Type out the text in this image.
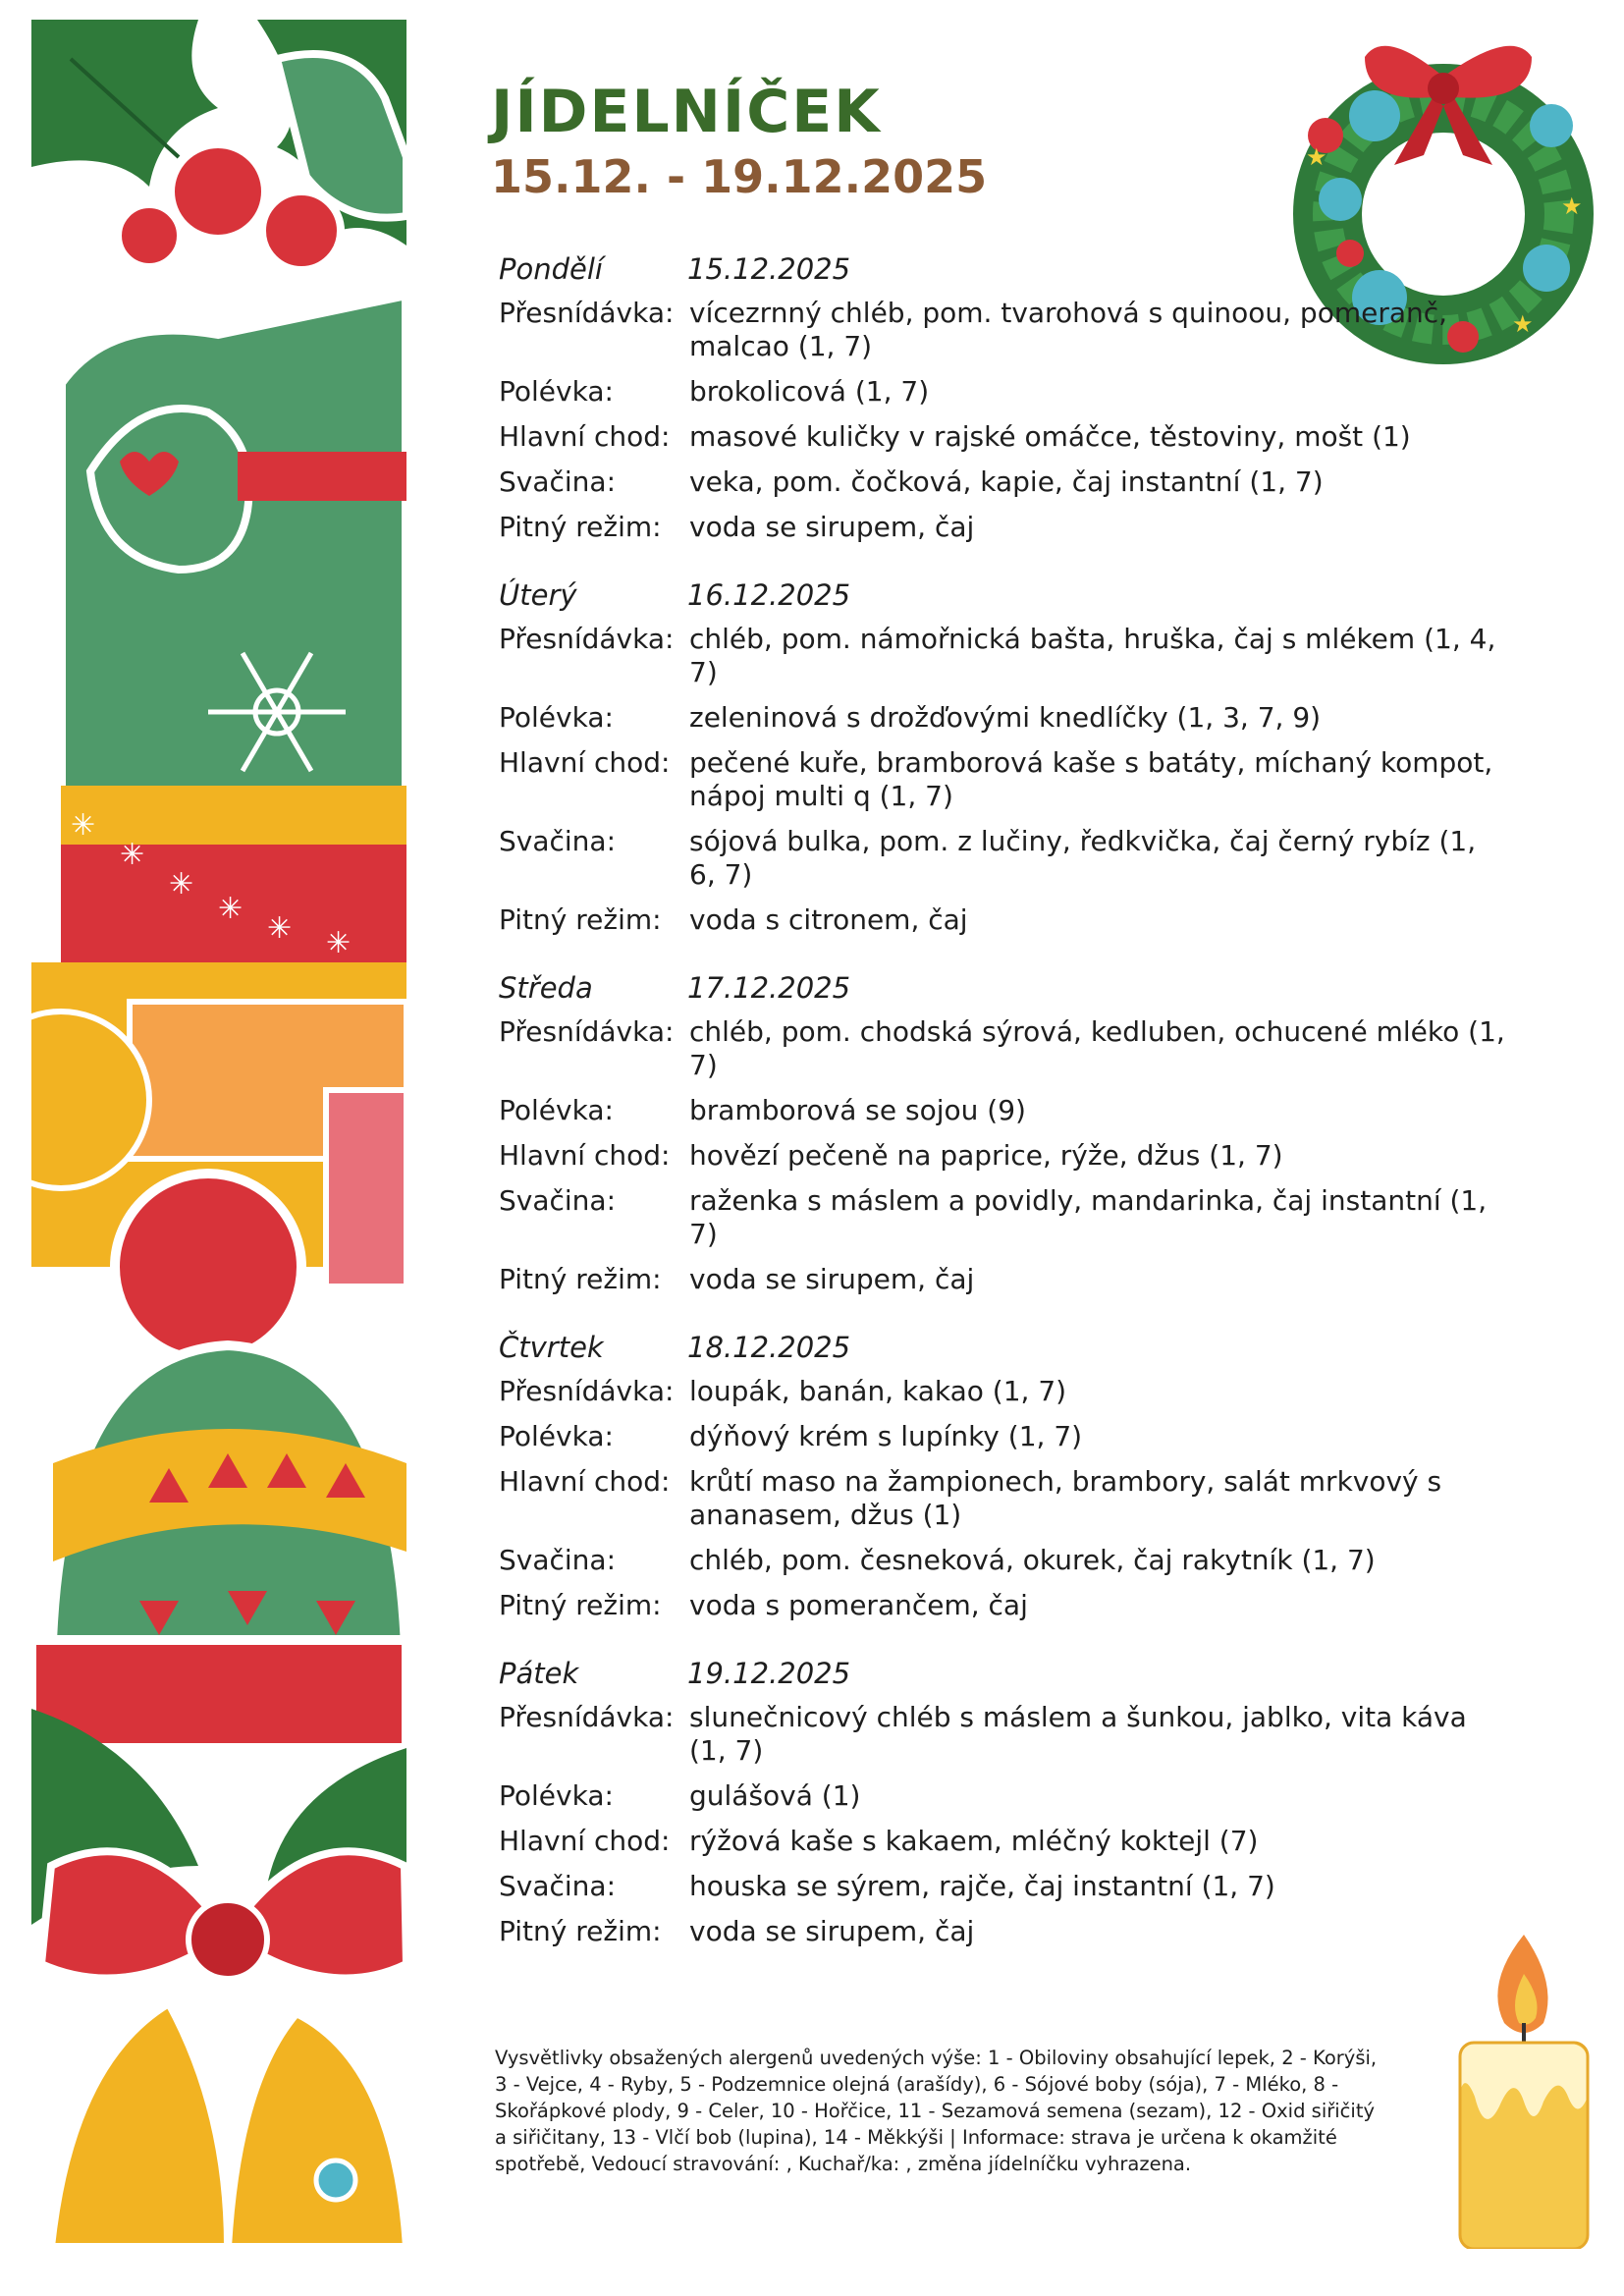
✳
✳
✳
✳
✳ ✳
★
★
★
JÍDELNÍČEK
15.12. - 19.12.2025
Pondělí	15.12.2025
Přesnídávka: vícezrnný chléb, pom. tvarohová s quinoou, pomeranč, malcao (1, 7)
Polévka:	brokolicová (1, 7)
Hlavní chod: masové kuličky v rajské omáčce, těstoviny, mošt (1)
Svačina:	veka, pom. čočková, kapie, čaj instantní (1, 7)
Pitný režim:	voda se sirupem, čaj
Úterý	16.12.2025
Přesnídávka: chléb, pom. námořnická bašta, hruška, čaj s mlékem (1, 4, 7)
Polévka:	zeleninová s drožďovými knedlíčky (1, 3, 7, 9)
Hlavní chod: pečené kuře, bramborová kaše s batáty, míchaný kompot, nápoj multi q (1, 7)
Svačina:	sójová bulka, pom. z lučiny, ředkvička, čaj černý rybíz (1, 6, 7)
Pitný režim:	voda s citronem, čaj
Středa	17.12.2025
Přesnídávka: chléb, pom. chodská sýrová, kedluben, ochucené mléko (1, 7)
Polévka:	bramborová se sojou (9)
Hlavní chod: hovězí pečeně na paprice, rýže, džus (1, 7)
Svačina:	raženka s máslem a povidly, mandarinka, čaj instantní (1, 7)
Pitný režim:	voda se sirupem, čaj
Čtvrtek	18.12.2025
Přesnídávka: loupák, banán, kakao (1, 7)
Polévka:	dýňový krém s lupínky (1, 7)
Hlavní chod: krůtí maso na žampionech, brambory, salát mrkvový s ananasem, džus (1)
Svačina:	chléb, pom. česneková, okurek, čaj rakytník (1, 7)
Pitný režim:	voda s pomerančem, čaj
Pátek	19.12.2025
Přesnídávka: slunečnicový chléb s máslem a šunkou, jablko, vita káva (1, 7)
Polévka:	gulášová (1)
Hlavní chod: rýžová kaše s kakaem, mléčný koktejl (7)
Svačina:	houska se sýrem, rajče, čaj instantní (1, 7)
Pitný režim:	voda se sirupem, čaj
Vysvětlivky obsažených alergenů uvedených výše: 1 - Obiloviny obsahující lepek, 2 - Korýši, 3 - Vejce, 4 - Ryby, 5 - Podzemnice olejná (arašídy), 6 - Sójové boby (sója), 7 - Mléko, 8 - Skořápkové plody, 9 - Celer, 10 - Hořčice, 11 - Sezamová semena (sezam), 12 - Oxid siřičitý a siřičitany, 13 - Vlčí bob (lupina), 14 - Měkkýši | Informace: strava je určena k okamžité spotřebě, Vedoucí stravování: , Kuchař/ka: , změna jídelníčku vyhrazena.
